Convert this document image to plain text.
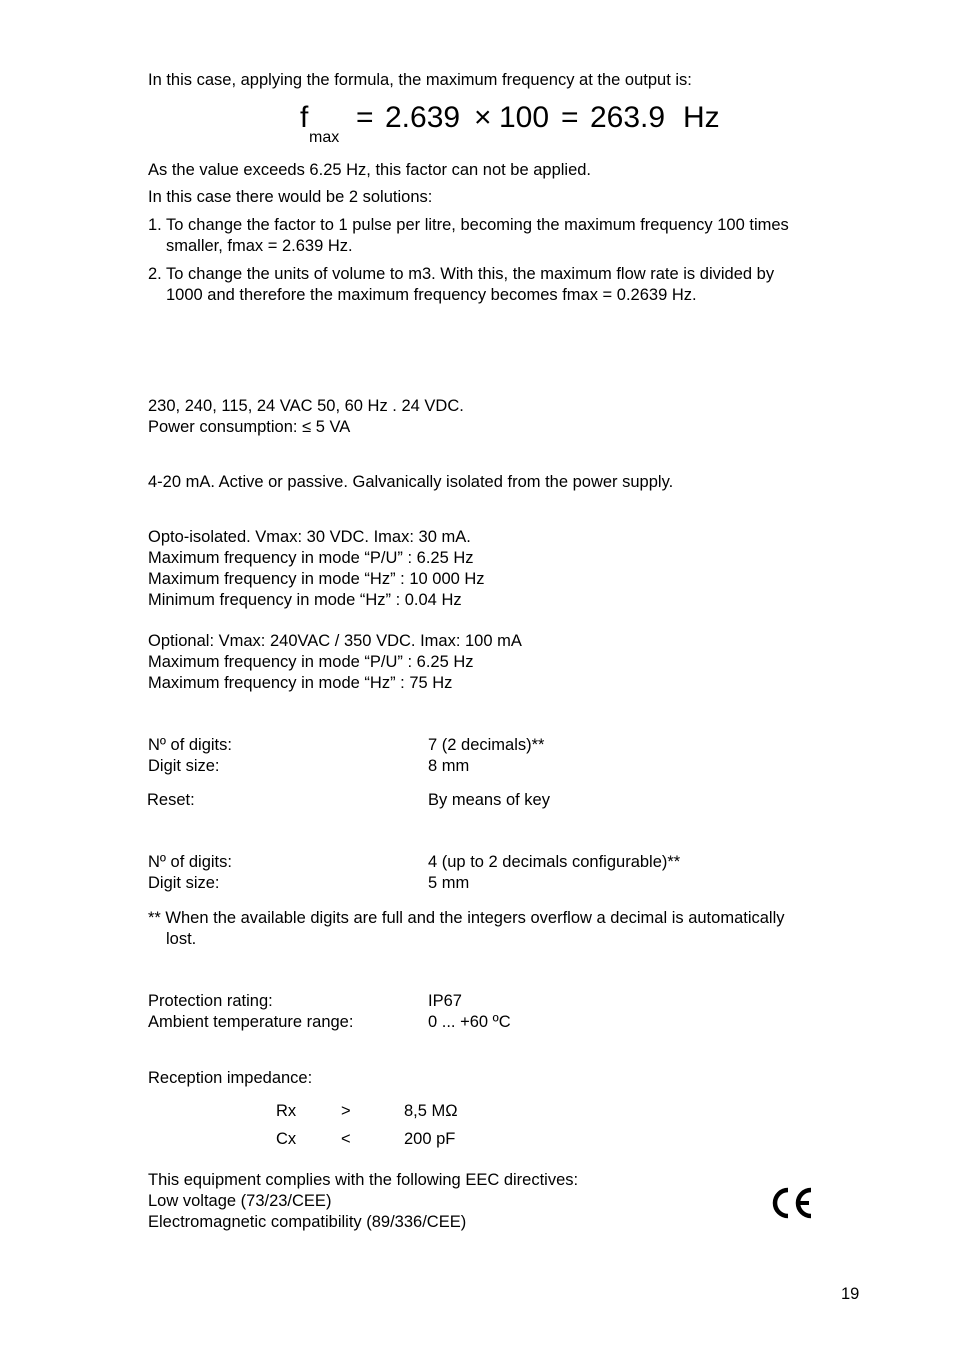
In this case, applying the formula, the maximum frequency at the output is:
f
max
= 2.639 × 100 = 263.9 Hz
As the value exceeds 6.25 Hz, this factor can not be applied.
In this case there would be 2 solutions:
1. To change the factor to 1 pulse per litre, becoming the maximum frequency 100 times
smaller, fmax = 2.639 Hz.
2. To change the units of volume to m3. With this, the maximum flow rate is divided by
1000 and therefore the maximum frequency becomes fmax = 0.2639 Hz.
230, 240, 115, 24 VAC 50, 60 Hz . 24 VDC.
Power consumption: ≤ 5 VA
4-20 mA. Active or passive. Galvanically isolated from the power supply.
Opto-isolated. Vmax: 30 VDC. Imax: 30 mA.
Maximum frequency in mode “P/U” : 6.25 Hz
Maximum frequency in mode “Hz” : 10 000 Hz
Minimum frequency in mode “Hz” : 0.04 Hz
Optional: Vmax: 240VAC / 350 VDC. Imax: 100 mA
Maximum frequency in mode “P/U” : 6.25 Hz
Maximum frequency in mode “Hz” : 75 Hz
Nº of digits:	7 (2 decimals)**
Digit size:	8 mm
Reset:	By means of key
Nº of digits:	4 (up to 2 decimals configurable)**
Digit size:	5 mm
** When the available digits are full and the integers overflow a decimal is automatically
lost.
Protection rating:	IP67
Ambient temperature range:	0 ... +60 ºC
Reception impedance:
Rx	>	8,5 MΩ
Cx	<	200 pF
This equipment complies with the following EEC directives:
Low voltage (73/23/CEE)
Electromagnetic compatibility (89/336/CEE)
19
